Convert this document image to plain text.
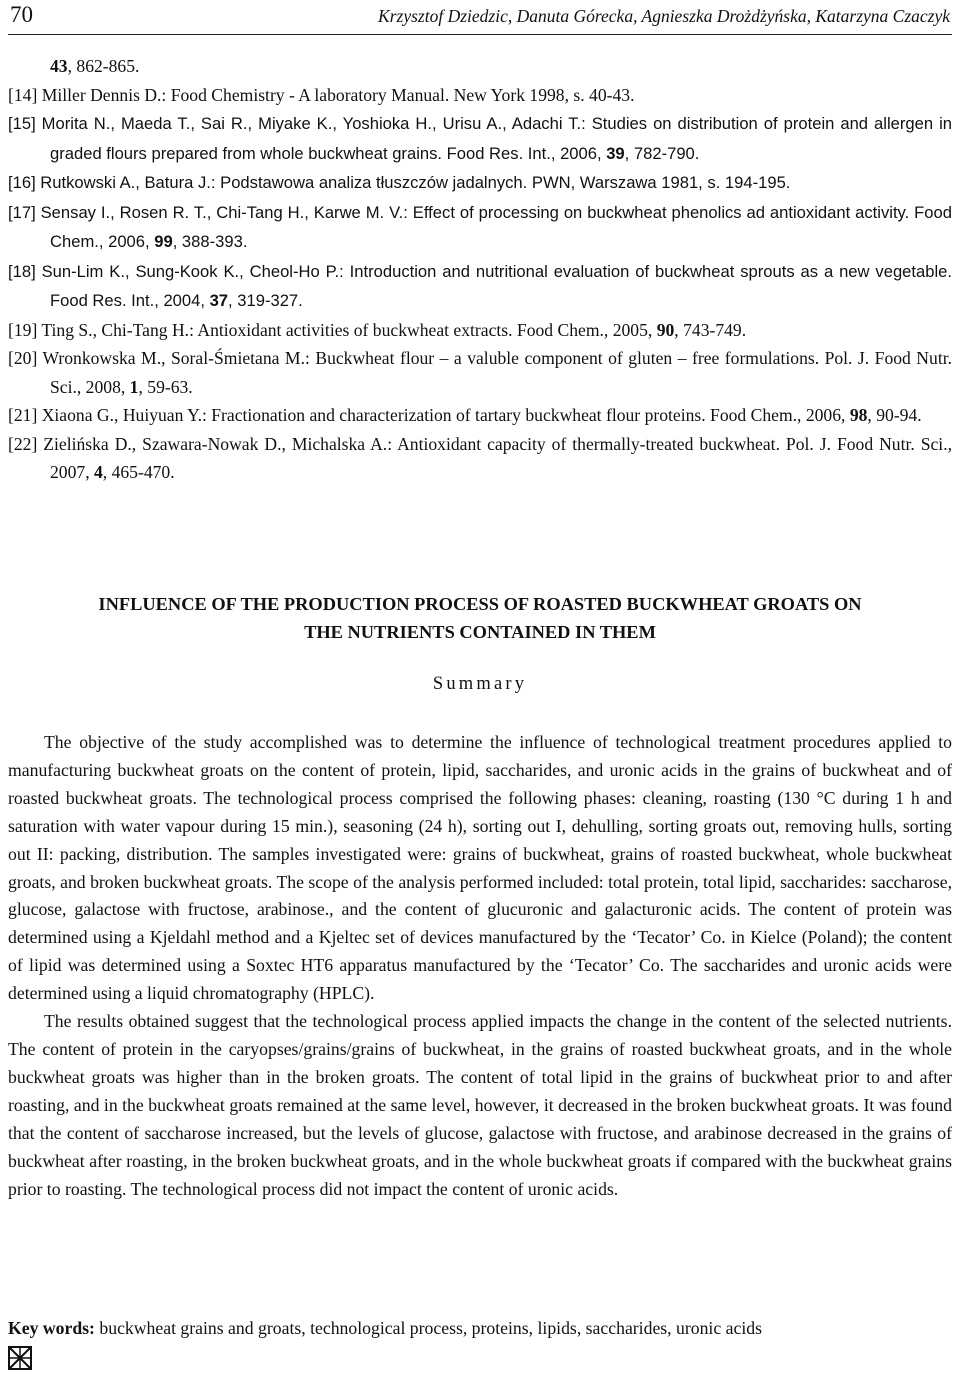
70	Krzysztof Dziedzic, Danuta Górecka, Agnieszka Drożdżyńska, Katarzyna Czaczyk
43, 862-865.
[14] Miller Dennis D.: Food Chemistry - A laboratory Manual. New York 1998, s. 40-43.
[15] Morita N., Maeda T., Sai R., Miyake K., Yoshioka H., Urisu A., Adachi T.: Studies on distribution of protein and allergen in graded flours prepared from whole buckwheat grains. Food Res. Int., 2006, 39, 782-790.
[16] Rutkowski A., Batura J.: Podstawowa analiza tłuszczów jadalnych. PWN, Warszawa 1981, s. 194-195.
[17] Sensay I., Rosen R. T., Chi-Tang H., Karwe M. V.: Effect of processing on buckwheat phenolics ad antioxidant activity. Food Chem., 2006, 99, 388-393.
[18] Sun-Lim K., Sung-Kook K., Cheol-Ho P.: Introduction and nutritional evaluation of buckwheat sprouts as a new vegetable. Food Res. Int., 2004, 37, 319-327.
[19] Ting S., Chi-Tang H.: Antioxidant activities of buckwheat extracts. Food Chem., 2005, 90, 743-749.
[20] Wronkowska M., Soral-Śmietana M.: Buckwheat flour – a valuble component of gluten – free formulations. Pol. J. Food Nutr. Sci., 2008, 1, 59-63.
[21] Xiaona G., Huiyuan Y.: Fractionation and characterization of tartary buckwheat flour proteins. Food Chem., 2006, 98, 90-94.
[22] Zielińska D., Szawara-Nowak D., Michalska A.: Antioxidant capacity of thermally-treated buckwheat. Pol. J. Food Nutr. Sci., 2007, 4, 465-470.
INFLUENCE OF THE PRODUCTION PROCESS OF ROASTED BUCKWHEAT GROATS ON
THE NUTRIENTS CONTAINED IN THEM
Summary

The objective of the study accomplished was to determine the influence of technological treatment procedures applied to manufacturing buckwheat groats on the content of protein, lipid, saccharides, and uronic acids in the grains of buckwheat and of roasted buckwheat groats. The technological process comprised the following phases: cleaning, roasting (130 °C during 1 h and saturation with water vapour during 15 min.), seasoning (24 h), sorting out I, dehulling, sorting groats out, removing hulls, sorting out II: packing, distribution. The samples investigated were: grains of buckwheat, grains of roasted buckwheat, whole buckwheat groats, and broken buckwheat groats. The scope of the analysis performed included: total protein, total lipid, saccharides: saccharose, glucose, galactose with fructose, arabinose., and the content of glucuronic and galacturonic acids. The content of protein was determined using a Kjeldahl method and a Kjeltec set of devices manufactured by the ‘Tecator’ Co. in Kielce (Poland); the content of lipid was determined using a Soxtec HT6 apparatus manufactured by the ‘Tecator’ Co. The saccharides and uronic acids were determined using a liquid chromatography (HPLC).

The results obtained suggest that the technological process applied impacts the change in the content of the selected nutrients. The content of protein in the caryopses/grains/grains of buckwheat, in the grains of roasted buckwheat groats, and in the whole buckwheat groats was higher than in the broken groats. The content of total lipid in the grains of buckwheat prior to and after roasting, and in the buckwheat groats remained at the same level, however, it decreased in the broken buckwheat groats. It was found that the content of saccharose increased, but the levels of glucose, galactose with fructose, and arabinose decreased in the grains of buckwheat after roasting, in the broken buckwheat groats, and in the whole buckwheat groats if compared with the buckwheat grains prior to roasting. The technological process did not impact the content of uronic acids.

Key words: buckwheat grains and groats, technological process, proteins, lipids, saccharides, uronic acids
